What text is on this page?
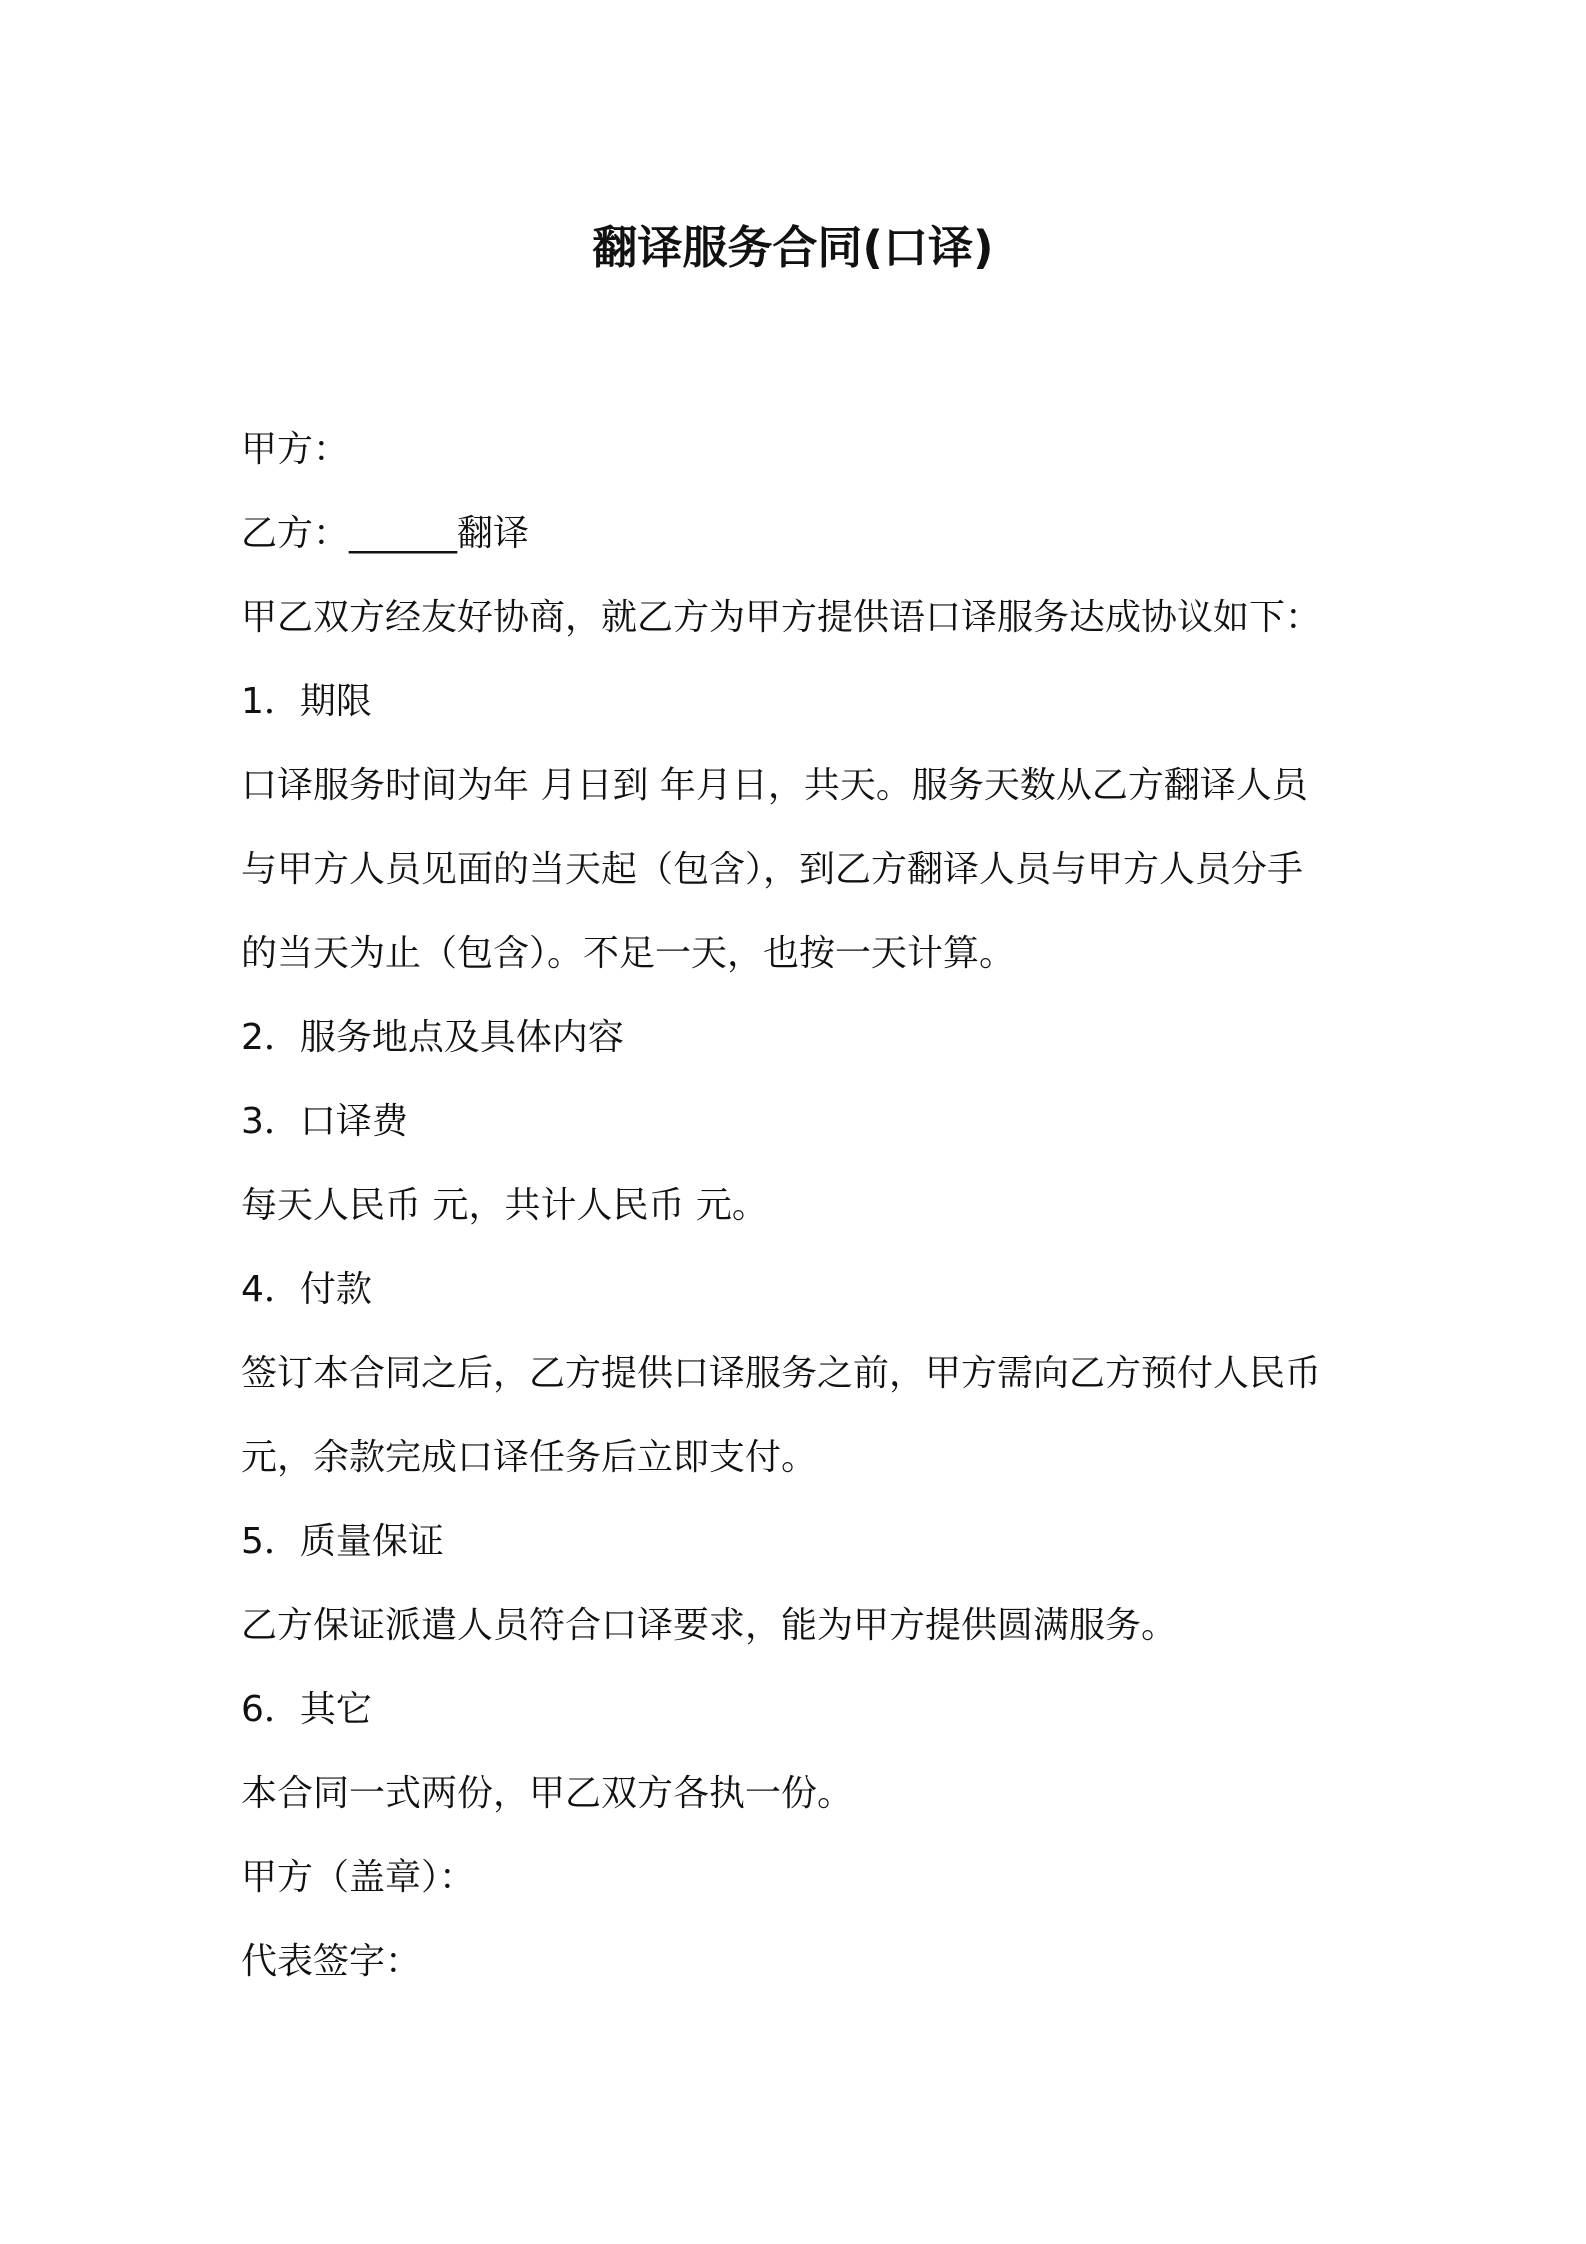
翻译服务合同(口译)
甲方：
乙方：______翻译
甲乙双方经友好协商，就乙方为甲方提供语口译服务达成协议如下：
1．期限
口译服务时间为年 月日到 年月日，共天。服务天数从乙方翻译人员
与甲方人员见面的当天起（包含），到乙方翻译人员与甲方人员分手
的当天为止（包含）。不足一天，也按一天计算。
2．服务地点及具体内容
3．口译费
每天人民币 元，共计人民币 元。
4．付款
签订本合同之后，乙方提供口译服务之前，甲方需向乙方预付人民币
元，余款完成口译任务后立即支付。
5．质量保证
乙方保证派遣人员符合口译要求，能为甲方提供圆满服务。
6．其它
本合同一式两份，甲乙双方各执一份。
甲方（盖章）：
代表签字：
